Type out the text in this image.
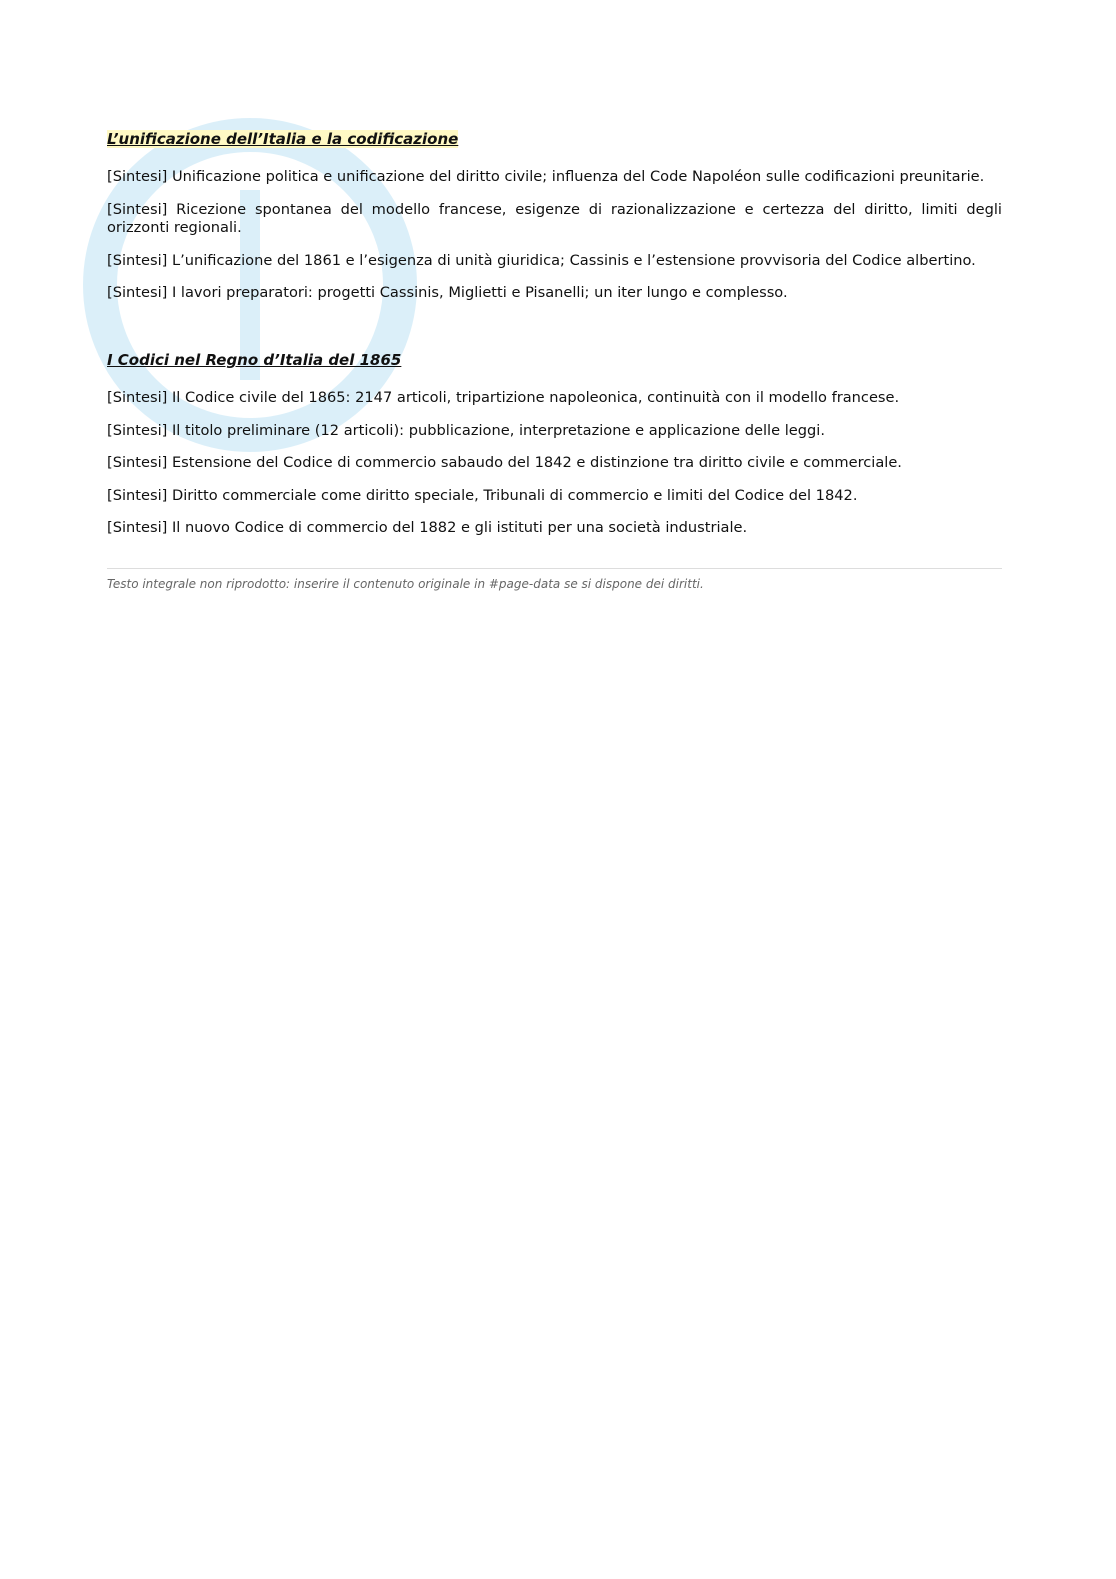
L’unificazione dell’Italia e la codificazione

[Sintesi] Unificazione politica e unificazione del diritto civile; influenza del Code Napoléon sulle codificazioni preunitarie.

[Sintesi] Ricezione spontanea del modello francese, esigenze di razionalizzazione e certezza del diritto, limiti degli orizzonti regionali.

[Sintesi] L’unificazione del 1861 e l’esigenza di unità giuridica; Cassinis e l’estensione provvisoria del Codice albertino.

[Sintesi] I lavori preparatori: progetti Cassinis, Miglietti e Pisanelli; un iter lungo e complesso.

I Codici nel Regno d’Italia del 1865

[Sintesi] Il Codice civile del 1865: 2147 articoli, tripartizione napoleonica, continuità con il modello francese.

[Sintesi] Il titolo preliminare (12 articoli): pubblicazione, interpretazione e applicazione delle leggi.

[Sintesi] Estensione del Codice di commercio sabaudo del 1842 e distinzione tra diritto civile e commerciale.

[Sintesi] Diritto commerciale come diritto speciale, Tribunali di commercio e limiti del Codice del 1842.

[Sintesi] Il nuovo Codice di commercio del 1882 e gli istituti per una società industriale.

Testo integrale non riprodotto: inserire il contenuto originale in #page-data se si dispone dei diritti.
